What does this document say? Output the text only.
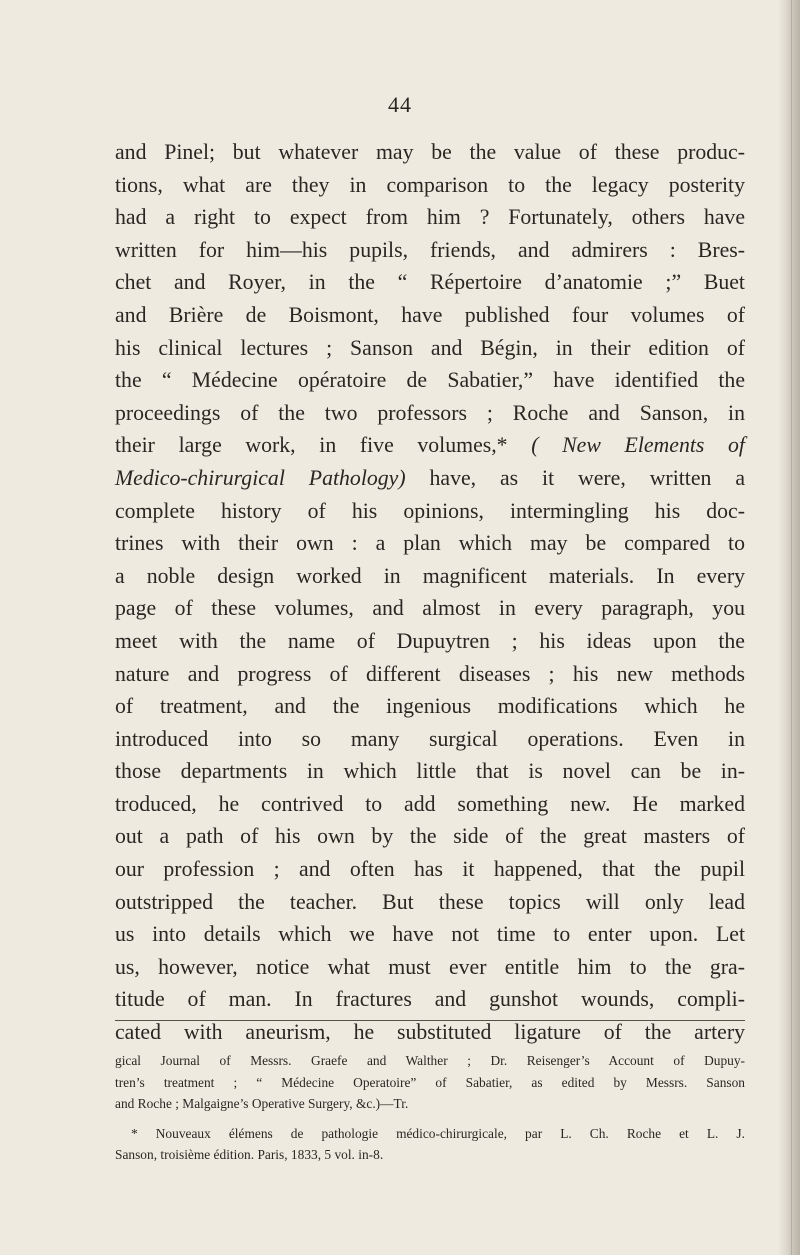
44
and Pinel; but whatever may be the value of these produc-
tions, what are they in comparison to the legacy posterity
had a right to expect from him ? Fortunately, others have
written for him—his pupils, friends, and admirers : Bres-
chet and Royer, in the “ Répertoire d’anatomie ;” Buet
and Brière de Boismont, have published four volumes of
his clinical lectures ; Sanson and Bégin, in their edition of
the “ Médecine opératoire de Sabatier,” have identified the
proceedings of the two professors ; Roche and Sanson, in
their large work, in five volumes,* ( New Elements of
Medico-chirurgical Pathology) have, as it were, written a
complete history of his opinions, intermingling his doc-
trines with their own : a plan which may be compared to
a noble design worked in magnificent materials. In every
page of these volumes, and almost in every paragraph, you
meet with the name of Dupuytren ; his ideas upon the
nature and progress of different diseases ; his new methods
of treatment, and the ingenious modifications which he
introduced into so many surgical operations. Even in
those departments in which little that is novel can be in-
troduced, he contrived to add something new. He marked
out a path of his own by the side of the great masters of
our profession ; and often has it happened, that the pupil
outstripped the teacher. But these topics will only lead
us into details which we have not time to enter upon. Let
us, however, notice what must ever entitle him to the gra-
titude of man. In fractures and gunshot wounds, compli-
cated with aneurism, he substituted ligature of the artery
gical Journal of Messrs. Graefe and Walther ; Dr. Reisenger’s Account of Dupuy-
tren’s treatment ; “ Médecine Operatoire” of Sabatier, as edited by Messrs. Sanson
and Roche ; Malgaigne’s Operative Surgery, &c.)—Tr.
* Nouveaux élémens de pathologie médico-chirurgicale, par L. Ch. Roche et L. J.
Sanson, troisième édition. Paris, 1833, 5 vol. in-8.
